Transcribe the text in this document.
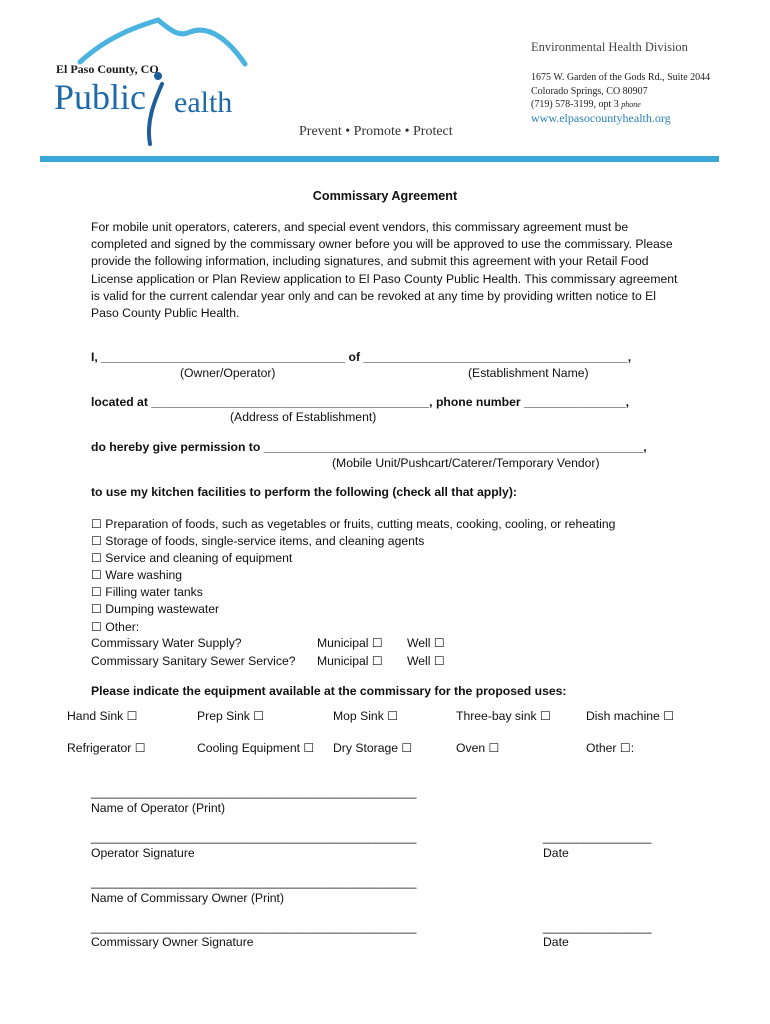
El Paso County, CO
Public ealth
Prevent • Promote • Protect
Environmental Health Division
1675 W. Garden of the Gods Rd., Suite 2044
Colorado Springs, CO 80907
(719) 578-3199, opt 3 phone
www.elpasocountyhealth.org
Commissary Agreement
For mobile unit operators, caterers, and special event vendors, this commissary agreement must be completed and signed by the commissary owner before you will be approved to use the commissary. Please provide the following information, including signatures, and submit this agreement with your Retail Food License application or Plan Review application to El Paso County Public Health. This commissary agreement is valid for the current calendar year only and can be revoked at any time by providing written notice to El Paso County Public Health.
I, ____________________________________ of _______________________________________,
(Owner/Operator)	(Establishment Name)
located at _________________________________________, phone number _______________,
(Address of Establishment)
do hereby give permission to ________________________________________________________,
(Mobile Unit/Pushcart/Caterer/Temporary Vendor)
to use my kitchen facilities to perform the following (check all that apply):
☐ Preparation of foods, such as vegetables or fruits, cutting meats, cooking, cooling, or reheating
☐ Storage of foods, single-service items, and cleaning agents
☐ Service and cleaning of equipment
☐ Ware washing
☐ Filling water tanks
☐ Dumping wastewater
☐ Other:
Commissary Water Supply?	Municipal ☐ Well ☐
Commissary Sanitary Sewer Service? Municipal ☐ Well ☐
Please indicate the equipment available at the commissary for the proposed uses:
Hand Sink ☐	Prep Sink ☐	Mop Sink ☐	Three-bay sink ☐	Dish machine ☐
Refrigerator ☐	Cooling Equipment ☐ Dry Storage ☐	Oven ☐	Other ☐:
________________________________________________
Name of Operator (Print)
________________________________________________	________________
Operator Signature	Date
________________________________________________
Name of Commissary Owner (Print)
________________________________________________	________________
Commissary Owner Signature	Date
